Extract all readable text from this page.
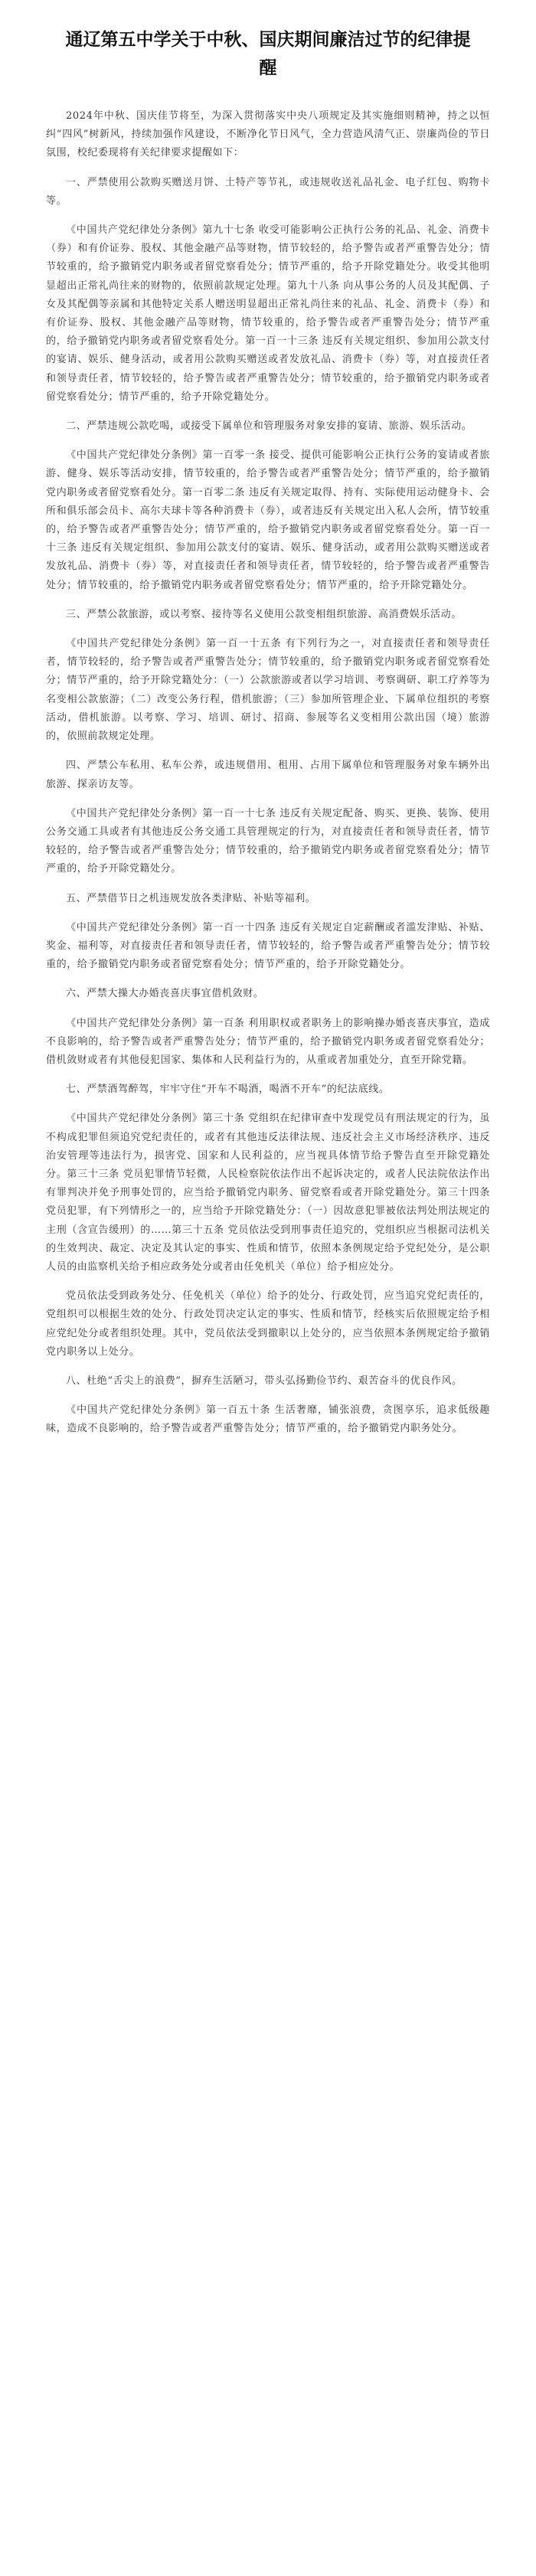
通辽第五中学关于中秋、国庆期间廉洁过节的纪律提醒

2024年中秋、国庆佳节将至，为深入贯彻落实中央八项规定及其实施细则精神，持之以恒纠“四风”树新风，持续加强作风建设，不断净化节日风气，全力营造风清气正、崇廉尚俭的节日氛围，校纪委现将有关纪律要求提醒如下：

一、严禁使用公款购买赠送月饼、土特产等节礼，或违规收送礼品礼金、电子红包、购物卡等。

《中国共产党纪律处分条例》第九十七条 收受可能影响公正执行公务的礼品、礼金、消费卡（券）和有价证券、股权、其他金融产品等财物，情节较轻的，给予警告或者严重警告处分；情节较重的，给予撤销党内职务或者留党察看处分；情节严重的，给予开除党籍处分。收受其他明显超出正常礼尚往来的财物的，依照前款规定处理。第九十八条 向从事公务的人员及其配偶、子女及其配偶等亲属和其他特定关系人赠送明显超出正常礼尚往来的礼品、礼金、消费卡（券）和有价证券、股权、其他金融产品等财物，情节较重的，给予警告或者严重警告处分；情节严重的，给予撤销党内职务或者留党察看处分。第一百一十三条 违反有关规定组织、参加用公款支付的宴请、娱乐、健身活动，或者用公款购买赠送或者发放礼品、消费卡（券）等，对直接责任者和领导责任者，情节较轻的，给予警告或者严重警告处分；情节较重的，给予撤销党内职务或者留党察看处分；情节严重的，给予开除党籍处分。

二、严禁违规公款吃喝，或接受下属单位和管理服务对象安排的宴请、旅游、娱乐活动。

《中国共产党纪律处分条例》第一百零一条 接受、提供可能影响公正执行公务的宴请或者旅游、健身、娱乐等活动安排，情节较重的，给予警告或者严重警告处分；情节严重的，给予撤销党内职务或者留党察看处分。第一百零二条 违反有关规定取得、持有、实际使用运动健身卡、会所和俱乐部会员卡、高尔夫球卡等各种消费卡（券），或者违反有关规定出入私人会所，情节较重的，给予警告或者严重警告处分；情节严重的，给予撤销党内职务或者留党察看处分。第一百一十三条 违反有关规定组织、参加用公款支付的宴请、娱乐、健身活动，或者用公款购买赠送或者发放礼品、消费卡（券）等，对直接责任者和领导责任者，情节较轻的，给予警告或者严重警告处分；情节较重的，给予撤销党内职务或者留党察看处分；情节严重的，给予开除党籍处分。

三、严禁公款旅游，或以考察、接待等名义使用公款变相组织旅游、高消费娱乐活动。

《中国共产党纪律处分条例》第一百一十五条 有下列行为之一，对直接责任者和领导责任者，情节较轻的，给予警告或者严重警告处分；情节较重的，给予撤销党内职务或者留党察看处分；情节严重的，给予开除党籍处分：（一）公款旅游或者以学习培训、考察调研、职工疗养等为名变相公款旅游；（二）改变公务行程，借机旅游；（三）参加所管理企业、下属单位组织的考察活动，借机旅游。以考察、学习、培训、研讨、招商、参展等名义变相用公款出国（境）旅游的，依照前款规定处理。

四、严禁公车私用、私车公养，或违规借用、租用、占用下属单位和管理服务对象车辆外出旅游、探亲访友等。

《中国共产党纪律处分条例》第一百一十七条 违反有关规定配备、购买、更换、装饰、使用公务交通工具或者有其他违反公务交通工具管理规定的行为，对直接责任者和领导责任者，情节较轻的，给予警告或者严重警告处分；情节较重的，给予撤销党内职务或者留党察看处分；情节严重的，给予开除党籍处分。

五、严禁借节日之机违规发放各类津贴、补贴等福利。

《中国共产党纪律处分条例》第一百一十四条 违反有关规定自定薪酬或者滥发津贴、补贴、奖金、福利等，对直接责任者和领导责任者，情节较轻的，给予警告或者严重警告处分；情节较重的，给予撤销党内职务或者留党察看处分；情节严重的，给予开除党籍处分。

六、严禁大操大办婚丧喜庆事宜借机敛财。

《中国共产党纪律处分条例》第一百条 利用职权或者职务上的影响操办婚丧喜庆事宜，造成不良影响的，给予警告或者严重警告处分；情节严重的，给予撤销党内职务或者留党察看处分；借机敛财或者有其他侵犯国家、集体和人民利益行为的，从重或者加重处分，直至开除党籍。

七、严禁酒驾醉驾，牢牢守住“开车不喝酒，喝酒不开车”的纪法底线。

《中国共产党纪律处分条例》第三十条 党组织在纪律审查中发现党员有刑法规定的行为，虽不构成犯罪但须追究党纪责任的，或者有其他违反法律法规、违反社会主义市场经济秩序、违反治安管理等违法行为，损害党、国家和人民利益的，应当视具体情节给予警告直至开除党籍处分。第三十三条 党员犯罪情节轻微，人民检察院依法作出不起诉决定的，或者人民法院依法作出有罪判决并免予刑事处罚的，应当给予撤销党内职务、留党察看或者开除党籍处分。第三十四条 党员犯罪，有下列情形之一的，应当给予开除党籍处分：（一）因故意犯罪被依法判处刑法规定的主刑（含宣告缓刑）的……第三十五条 党员依法受到刑事责任追究的，党组织应当根据司法机关的生效判决、裁定、决定及其认定的事实、性质和情节，依照本条例规定给予党纪处分，是公职人员的由监察机关给予相应政务处分或者由任免机关（单位）给予相应处分。

党员依法受到政务处分、任免机关（单位）给予的处分、行政处罚，应当追究党纪责任的，党组织可以根据生效的处分、行政处罚决定认定的事实、性质和情节，经核实后依照规定给予相应党纪处分或者组织处理。其中，党员依法受到撤职以上处分的，应当依照本条例规定给予撤销党内职务以上处分。

八、杜绝“舌尖上的浪费”，摒弃生活陋习，带头弘扬勤俭节约、艰苦奋斗的优良作风。

《中国共产党纪律处分条例》第一百五十条 生活奢靡，铺张浪费，贪图享乐，追求低级趣味，造成不良影响的，给予警告或者严重警告处分；情节严重的，给予撤销党内职务处分。
